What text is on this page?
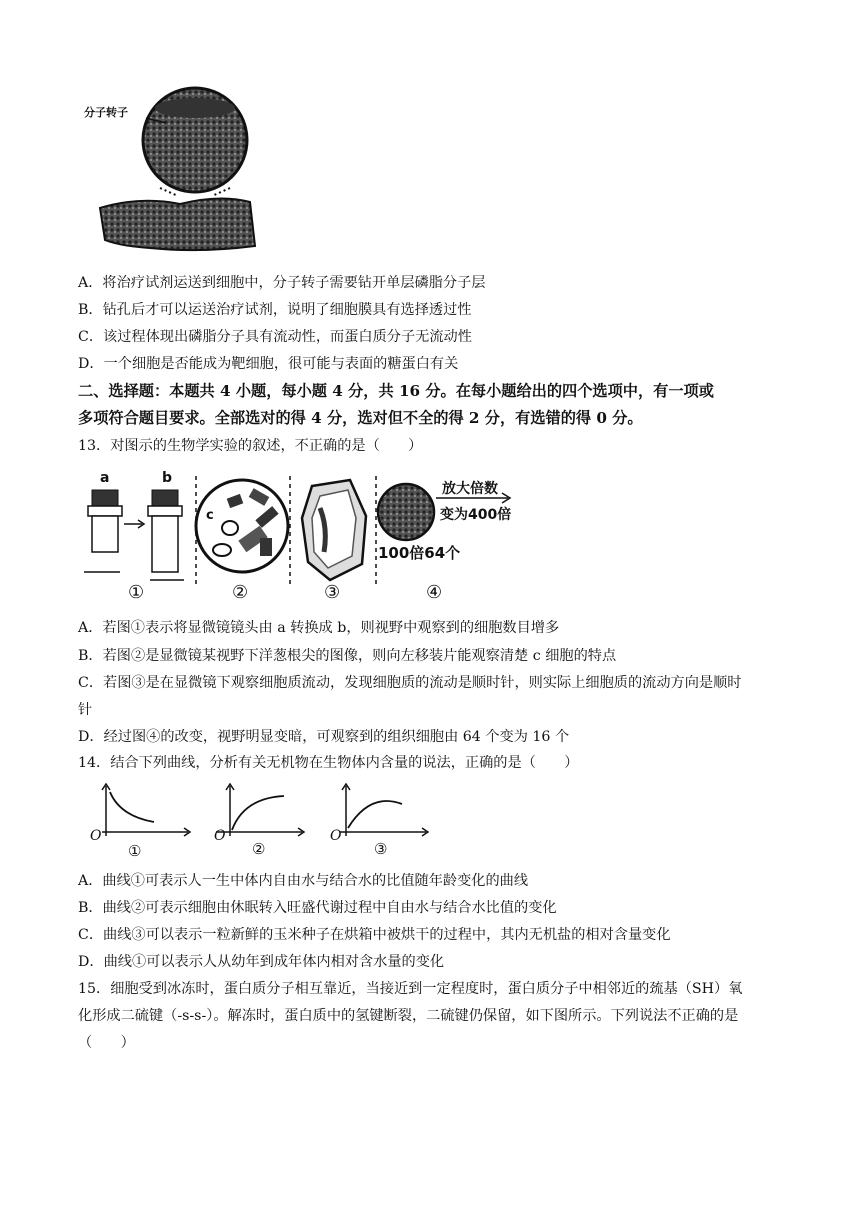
分子转子
A．将治疗试剂运送到细胞中，分子转子需要钻开单层磷脂分子层
B．钻孔后才可以运送治疗试剂，说明了细胞膜具有选择透过性
C．该过程体现出磷脂分子具有流动性，而蛋白质分子无流动性
D．一个细胞是否能成为靶细胞，很可能与表面的糖蛋白有关
二、选择题：本题共 4 小题，每小题 4 分，共 16 分。在每小题给出的四个选项中，有一项或
多项符合题目要求。全部选对的得 4 分，选对但不全的得 2 分，有选错的得 0 分。
13．对图示的生物学实验的叙述，不正确的是（　　）
a	b
c
放大倍数
变为400倍
100倍64个
①	②	③	④
A．若图①表示将显微镜镜头由 a 转换成 b，则视野中观察到的细胞数目增多
B．若图②是显微镜某视野下洋葱根尖的图像，则向左移装片能观察清楚 c 细胞的特点
C．若图③是在显微镜下观察细胞质流动，发现细胞质的流动是顺时针，则实际上细胞质的流动方向是顺时
针
D．经过图④的改变，视野明显变暗，可观察到的组织细胞由 64 个变为 16 个
14．结合下列曲线，分析有关无机物在生物体内含量的说法，正确的是（　　）
O	O	O
①	②	③
A．曲线①可表示人一生中体内自由水与结合水的比值随年龄变化的曲线
B．曲线②可表示细胞由休眠转入旺盛代谢过程中自由水与结合水比值的变化
C．曲线③可以表示一粒新鲜的玉米种子在烘箱中被烘干的过程中，其内无机盐的相对含量变化
D．曲线①可以表示人从幼年到成年体内相对含水量的变化
15．细胞受到冰冻时，蛋白质分子相互靠近，当接近到一定程度时，蛋白质分子中相邻近的巯基（SH）氧
化形成二硫键（-s-s-）。解冻时，蛋白质中的氢键断裂，二硫键仍保留，如下图所示。下列说法不正确的是
（　　）
